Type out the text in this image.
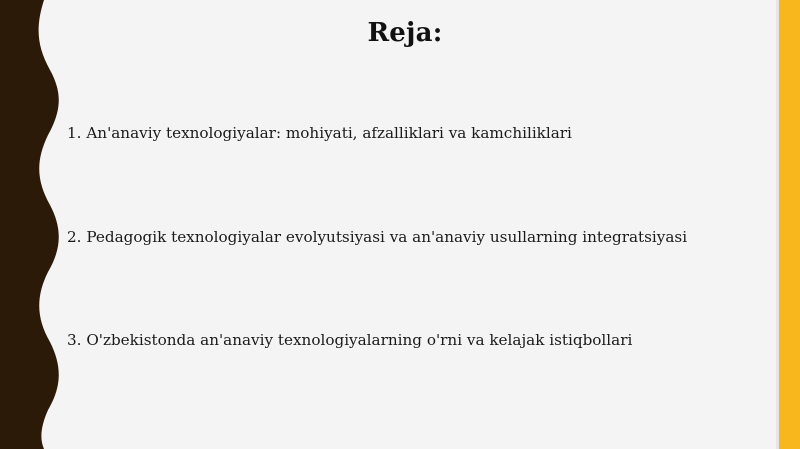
Reja:
1. An'anaviy texnologiyalar: mohiyati, afzalliklari va kamchiliklari
2. Pedagogik texnologiyalar evolyutsiyasi va an'anaviy usullarning integratsiyasi
3. O'zbekistonda an'anaviy texnologiyalarning o'rni va kelajak istiqbollari
